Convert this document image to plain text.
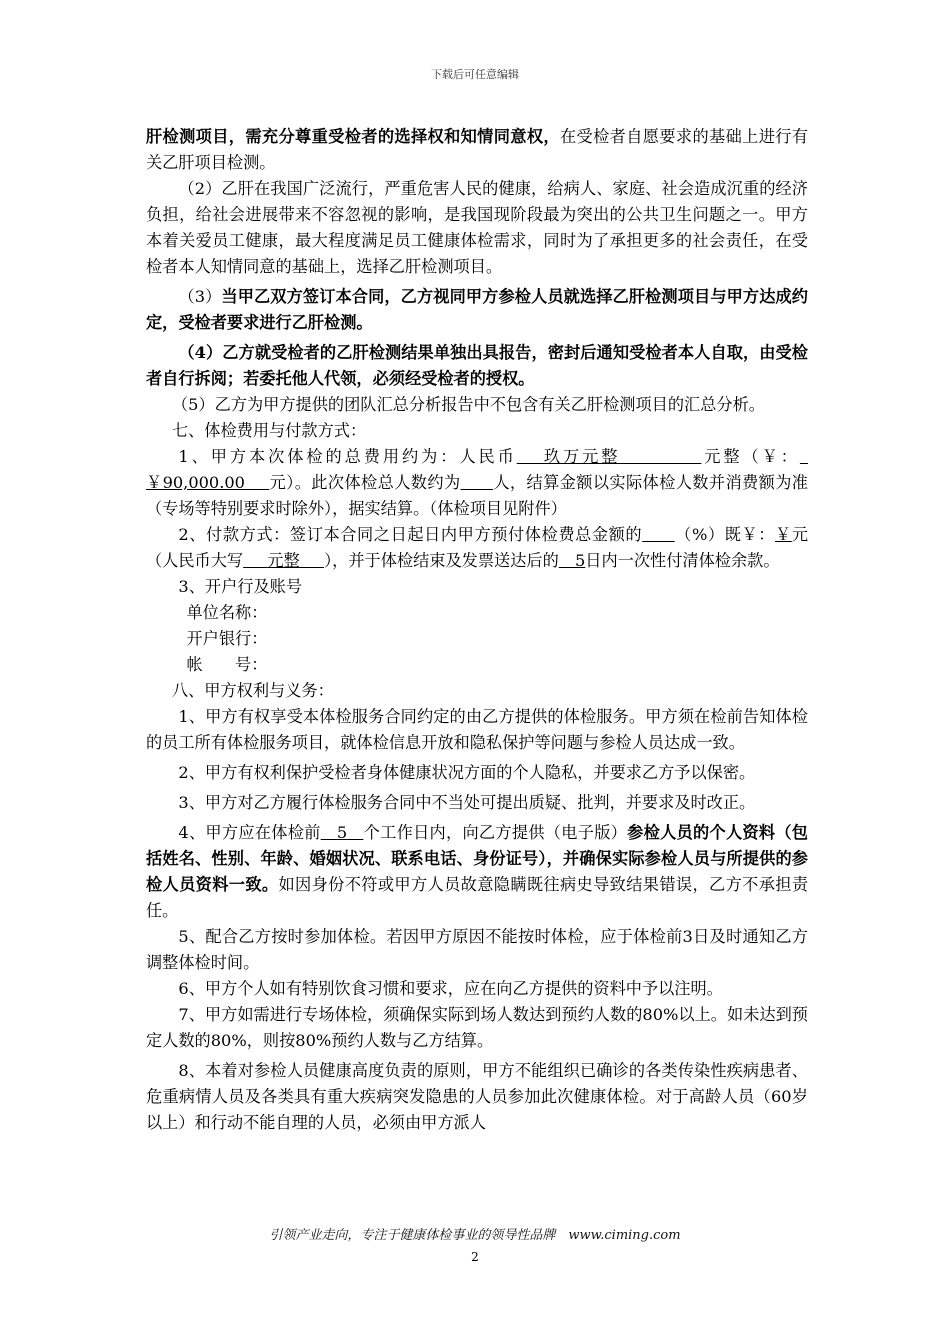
下载后可任意编辑

肝检测项目，需充分尊重受检者的选择权和知情同意权，在受检者自愿要求的基础上进行有关乙肝项目检测。

（2）乙肝在我国广泛流行，严重危害人民的健康，给病人、家庭、社会造成沉重的经济负担，给社会进展带来不容忽视的影响，是我国现阶段最为突出的公共卫生问题之一。甲方本着关爱员工健康，最大程度满足员工健康体检需求，同时为了承担更多的社会责任，在受检者本人知情同意的基础上，选择乙肝检测项目。

（3）当甲乙双方签订本合同，乙方视同甲方参检人员就选择乙肝检测项目与甲方达成约定，受检者要求进行乙肝检测。

（4）乙方就受检者的乙肝检测结果单独出具报告，密封后通知受检者本人自取，由受检者自行拆阅；若委托他人代领，必须经受检者的授权。

（5）乙方为甲方提供的团队汇总分析报告中不包含有关乙肝检测项目的汇总分析。

七、体检费用与付款方式：

1、甲方本次体检的总费用约为：人民币   玖万元整     	元整（￥： ￥90,000.00   元）。此次体检总人数约为   人，结算金额以实际体检人数并消费额为准（专场等特别要求时除外），据实结算。（体检项目见附件）

2、付款方式：签订本合同之日起日内甲方预付体检费总金额的   （%）既￥：￥元（人民币大写   元整   ），并于体检结束及发票送达后的  5日内一次性付清体检余款。

3、开户行及账号

单位名称：

开户银行：

帐　　号：

八、甲方权利与义务：

1、甲方有权享受本体检服务合同约定的由乙方提供的体检服务。甲方须在检前告知体检的员工所有体检服务项目，就体检信息开放和隐私保护等问题与参检人员达成一致。

2、甲方有权利保护受检者身体健康状况方面的个人隐私，并要求乙方予以保密。

3、甲方对乙方履行体检服务合同中不当处可提出质疑、批判，并要求及时改正。

4、甲方应在体检前  5  个工作日内，向乙方提供（电子版）参检人员的个人资料（包括姓名、性别、年龄、婚姻状况、联系电话、身份证号），并确保实际参检人员与所提供的参检人员资料一致。如因身份不符或甲方人员故意隐瞒既往病史导致结果错误，乙方不承担责任。

5、配合乙方按时参加体检。若因甲方原因不能按时体检，应于体检前3日及时通知乙方调整体检时间。

6、甲方个人如有特别饮食习惯和要求，应在向乙方提供的资料中予以注明。

7、甲方如需进行专场体检，须确保实际到场人数达到预约人数的80%以上。如未达到预定人数的80%，则按80%预约人数与乙方结算。

8、本着对参检人员健康高度负责的原则，甲方不能组织已确诊的各类传染性疾病患者、危重病情人员及各类具有重大疾病突发隐患的人员参加此次健康体检。对于高龄人员（60岁以上）和行动不能自理的人员，必须由甲方派人

引领产业走向，专注于健康体检事业的领导性品牌　www.ciming.com
2
